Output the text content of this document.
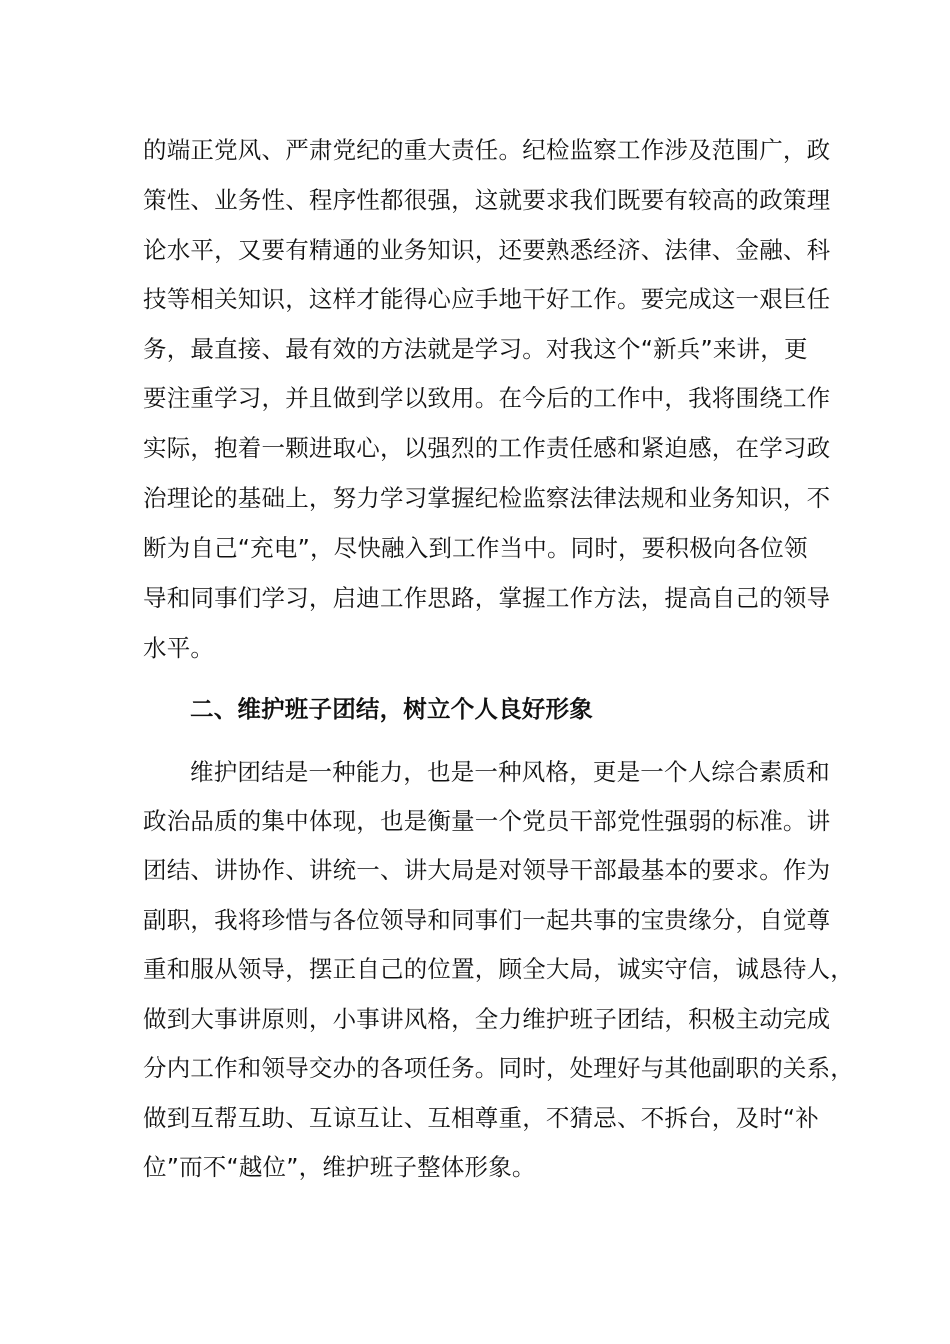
的端正党风、严肃党纪的重大责任。纪检监察工作涉及范围广，政
策性、业务性、程序性都很强，这就要求我们既要有较高的政策理
论水平，又要有精通的业务知识，还要熟悉经济、法律、金融、科
技等相关知识，这样才能得心应手地干好工作。要完成这一艰巨任
务，最直接、最有效的方法就是学习。对我这个“新兵”来讲，更
要注重学习，并且做到学以致用。在今后的工作中，我将围绕工作
实际，抱着一颗进取心，以强烈的工作责任感和紧迫感，在学习政
治理论的基础上，努力学习掌握纪检监察法律法规和业务知识，不
断为自己“充电”，尽快融入到工作当中。同时，要积极向各位领
导和同事们学习，启迪工作思路，掌握工作方法，提高自己的领导
水平。
二、维护班子团结，树立个人良好形象
维护团结是一种能力，也是一种风格，更是一个人综合素质和
政治品质的集中体现，也是衡量一个党员干部党性强弱的标准。讲
团结、讲协作、讲统一、讲大局是对领导干部最基本的要求。作为
副职，我将珍惜与各位领导和同事们一起共事的宝贵缘分，自觉尊
重和服从领导，摆正自己的位置，顾全大局，诚实守信，诚恳待人，
做到大事讲原则，小事讲风格，全力维护班子团结，积极主动完成
分内工作和领导交办的各项任务。同时，处理好与其他副职的关系，
做到互帮互助、互谅互让、互相尊重，不猜忌、不拆台，及时“补
位”而不“越位”，维护班子整体形象。
